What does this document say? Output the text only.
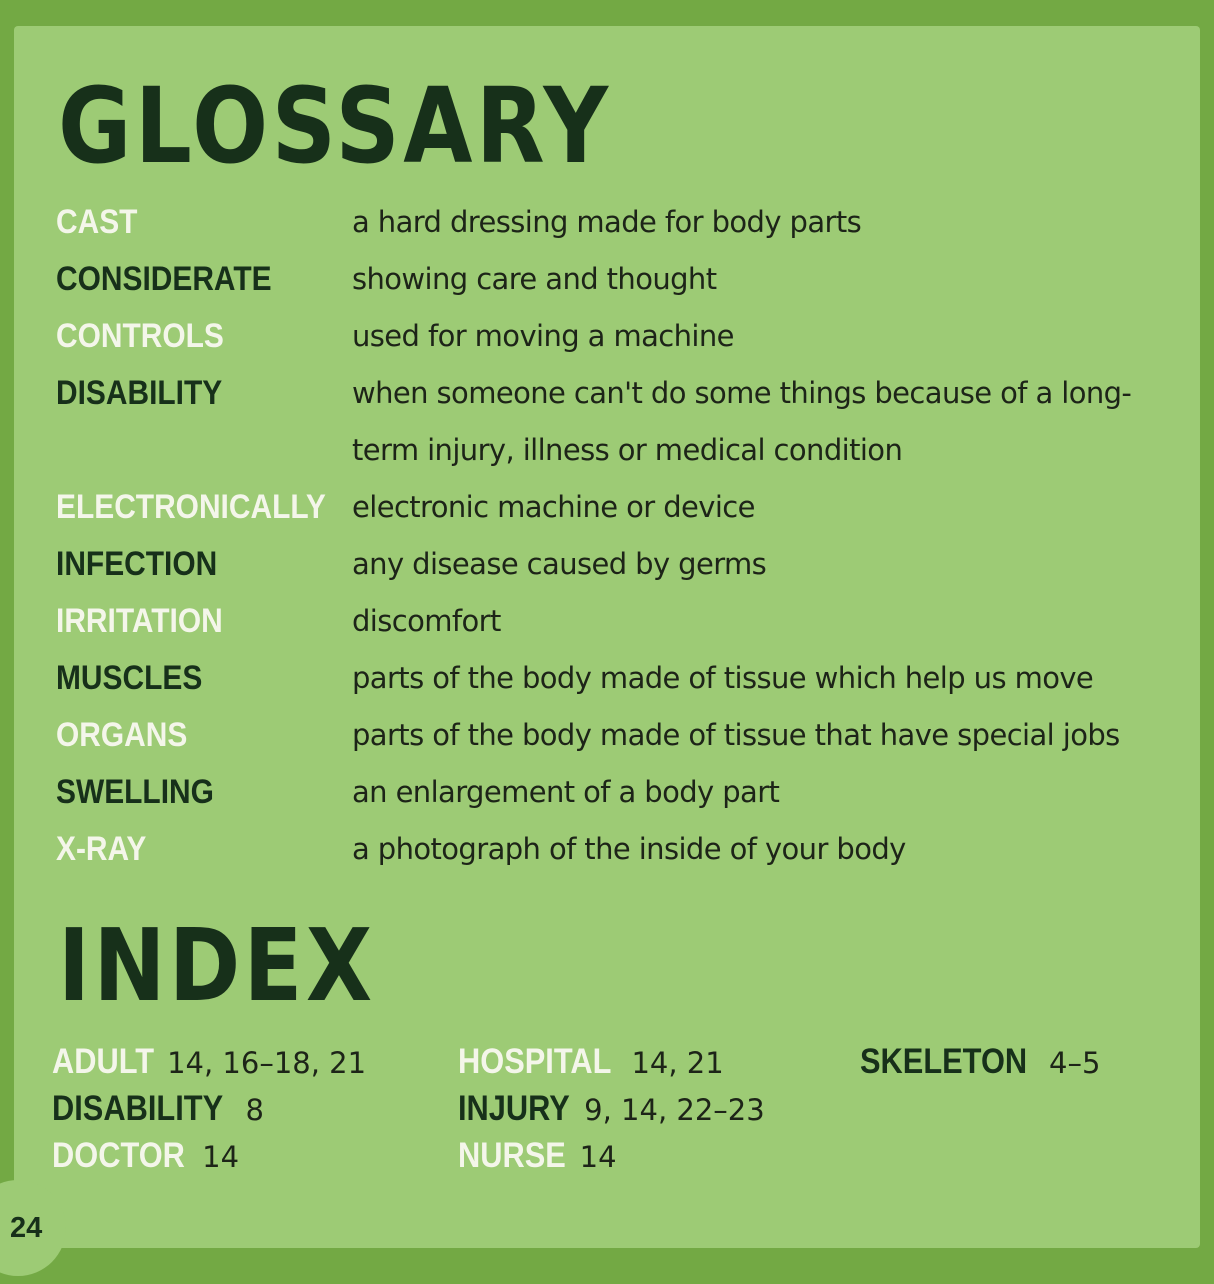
GLOSSARY
CAST	a hard dressing made for body parts
CONSIDERATE	showing care and thought
CONTROLS	used for moving a machine
DISABILITY	when someone can't do some things because of a long-term injury, illness or medical condition
ELECTRONICALLY electronic machine or device
INFECTION	any disease caused by germs
IRRITATION	discomfort
MUSCLES	parts of the body made of tissue which help us move
ORGANS	parts of the body made of tissue that have special jobs
SWELLING	an enlargement of a body part
X-RAY	a photograph of the inside of your body
INDEX
ADULT 14, 16–18, 21
DISABILITY 8
DOCTOR 14
HOSPITAL 14, 21
INJURY 9, 14, 22–23
NURSE 14
SKELETON 4–5
24
